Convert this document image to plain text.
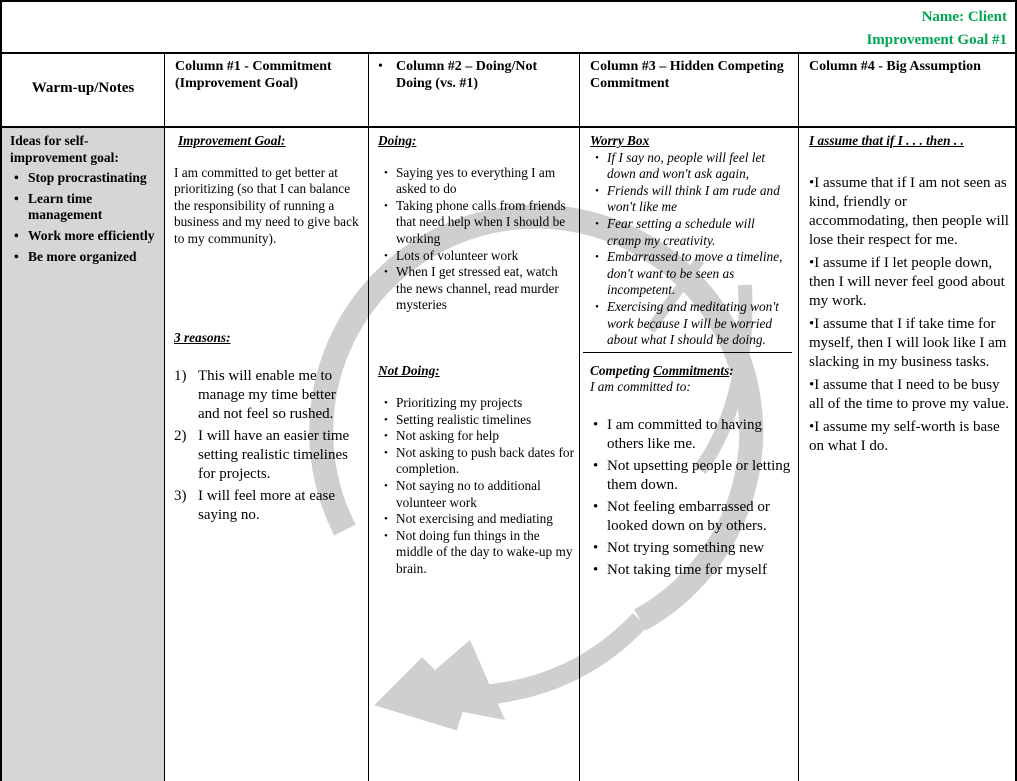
Name: Client
Improvement Goal #1
Warm-up/Notes
Column #1 - Commitment (Improvement Goal)
• Column #2 – Doing/Not Doing (vs. #1)
Column #3 – Hidden Competing Commitment
Column #4 - Big Assumption
Ideas for self-improvement goal:
• Stop procrastinating
• Learn time management
• Work more efficiently
• Be more organized
Improvement Goal:
I am committed to get better at prioritizing (so that I can balance the responsibility of running a business and my need to give back to my community).
3 reasons:
1) This will enable me to manage my time better and not feel so rushed.
2) I will have an easier time setting realistic timelines for projects.
3) I will feel more at ease saying no.
Doing:
• Saying yes to everything I am asked to do
• Taking phone calls from friends that need help when I should be working
• Lots of volunteer work
• When I get stressed eat, watch the news channel, read murder mysteries
Not Doing:
• Prioritizing my projects
• Setting realistic timelines
• Not asking for help
• Not asking to push back dates for completion.
• Not saying no to additional volunteer work
• Not exercising and mediating
• Not doing fun things in the middle of the day to wake-up my brain.
Worry Box
• If I say no, people will feel let down and won't ask again,
• Friends will think I am rude and won't like me
• Fear setting a schedule will cramp my creativity.
• Embarrassed to move a timeline, don't want to be seen as incompetent.
• Exercising and meditating won't work because I will be worried about what I should be doing.
Competing Commitments:
I am committed to:
• I am committed to having others like me.
• Not upsetting people or letting them down.
• Not feeling embarrassed or looked down on by others.
• Not trying something new
• Not taking time for myself
I assume that if I . . . then . .
•I assume that if I am not seen as kind, friendly or accommodating, then people will lose their respect for me.
•I assume if I let people down, then I will never feel good about my work.
•I assume that I if take time for myself, then I will look like I am slacking in my business tasks.
•I assume that I need to be busy all of the time to prove my value.
•I assume my self-worth is base on what I do.
